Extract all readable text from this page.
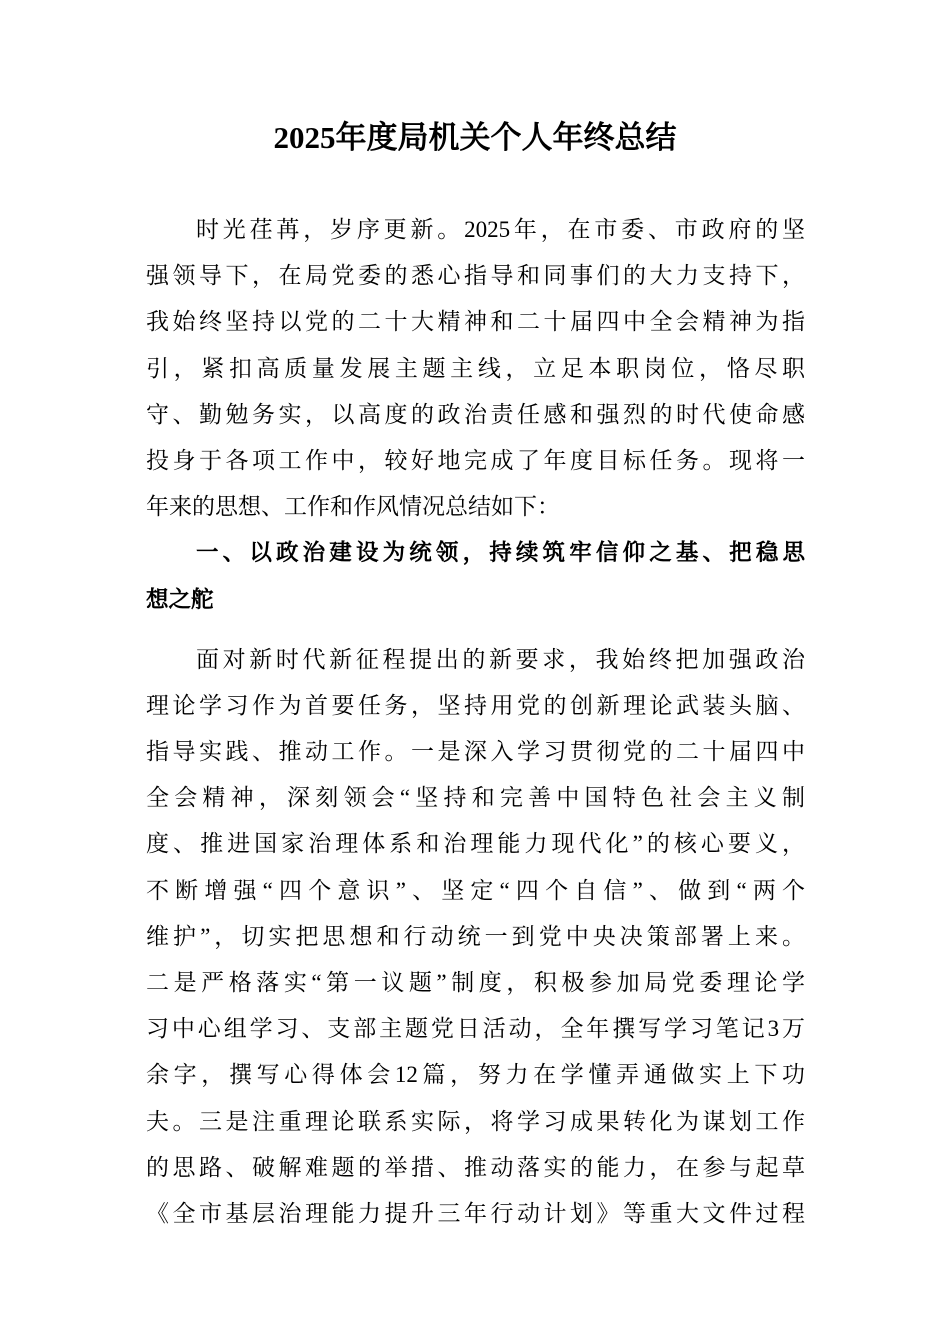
2025年度局机关个人年终总结
时光荏苒，岁序更新。2025年，在市委、市政府的坚
强领导下，在局党委的悉心指导和同事们的大力支持下，
我始终坚持以党的二十大精神和二十届四中全会精神为指
引，紧扣高质量发展主题主线，立足本职岗位，恪尽职
守、勤勉务实，以高度的政治责任感和强烈的时代使命感
投身于各项工作中，较好地完成了年度目标任务。现将一
年来的思想、工作和作风情况总结如下：
一、以政治建设为统领，持续筑牢信仰之基、把稳思
想之舵
面对新时代新征程提出的新要求，我始终把加强政治
理论学习作为首要任务，坚持用党的创新理论武装头脑、
指导实践、推动工作。一是深入学习贯彻党的二十届四中
全会精神，深刻领会“坚持和完善中国特色社会主义制
度、推进国家治理体系和治理能力现代化”的核心要义，
不断增强“四个意识”、坚定“四个自信”、做到“两个
维护”，切实把思想和行动统一到党中央决策部署上来。
二是严格落实“第一议题”制度，积极参加局党委理论学
习中心组学习、支部主题党日活动，全年撰写学习笔记3万
余字，撰写心得体会12篇，努力在学懂弄通做实上下功
夫。三是注重理论联系实际，将学习成果转化为谋划工作
的思路、破解难题的举措、推动落实的能力，在参与起草
《全市基层治理能力提升三年行动计划》等重大文件过程
